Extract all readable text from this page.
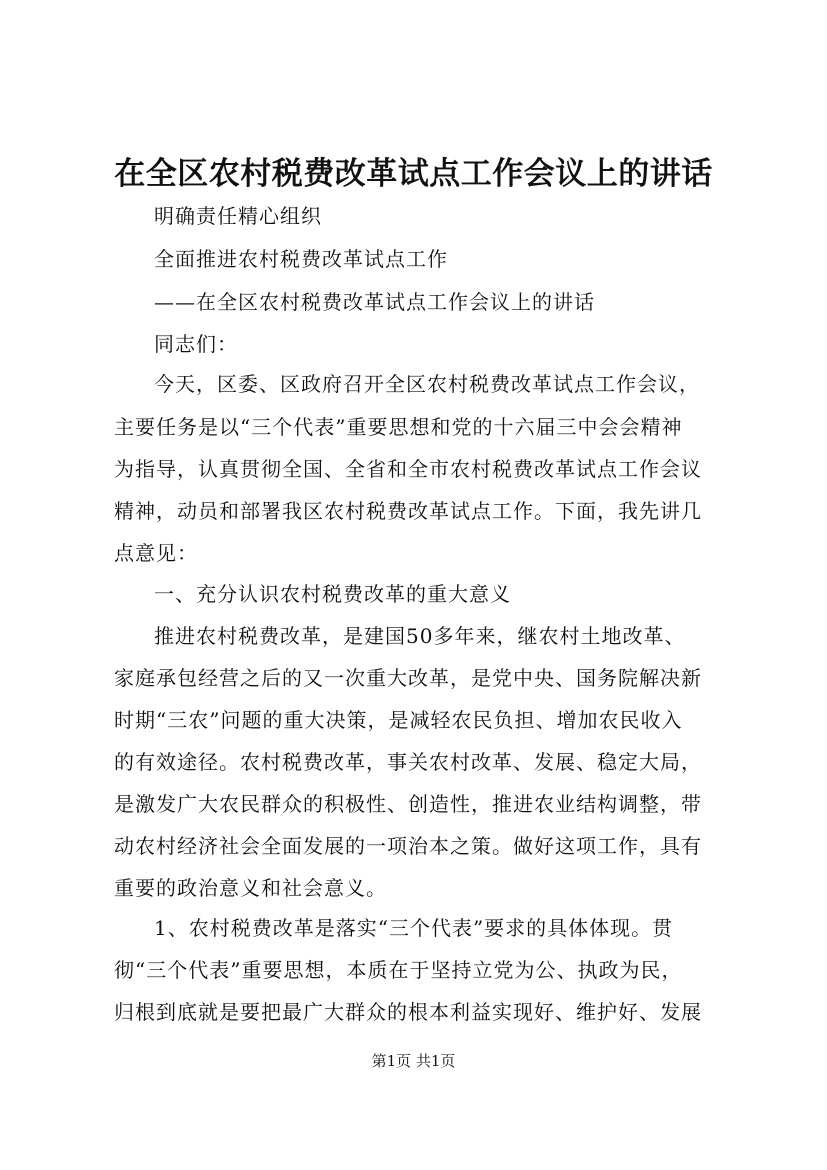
在全区农村税费改革试点工作会议上的讲话
明确责任精心组织
全面推进农村税费改革试点工作
——在全区农村税费改革试点工作会议上的讲话
同志们：
今天，区委、区政府召开全区农村税费改革试点工作会议，
主要任务是以“三个代表”重要思想和党的十六届三中会会精神
为指导，认真贯彻全国、全省和全市农村税费改革试点工作会议
精神，动员和部署我区农村税费改革试点工作。下面，我先讲几
点意见：
一、充分认识农村税费改革的重大意义
推进农村税费改革，是建国50多年来，继农村土地改革、
家庭承包经营之后的又一次重大改革，是党中央、国务院解决新
时期“三农”问题的重大决策，是减轻农民负担、增加农民收入
的有效途径。农村税费改革，事关农村改革、发展、稳定大局，
是激发广大农民群众的积极性、创造性，推进农业结构调整，带
动农村经济社会全面发展的一项治本之策。做好这项工作，具有
重要的政治意义和社会意义。
1、农村税费改革是落实“三个代表”要求的具体体现。贯
彻“三个代表”重要思想，本质在于坚持立党为公、执政为民，
归根到底就是要把最广大群众的根本利益实现好、维护好、发展
第1页 共1页
